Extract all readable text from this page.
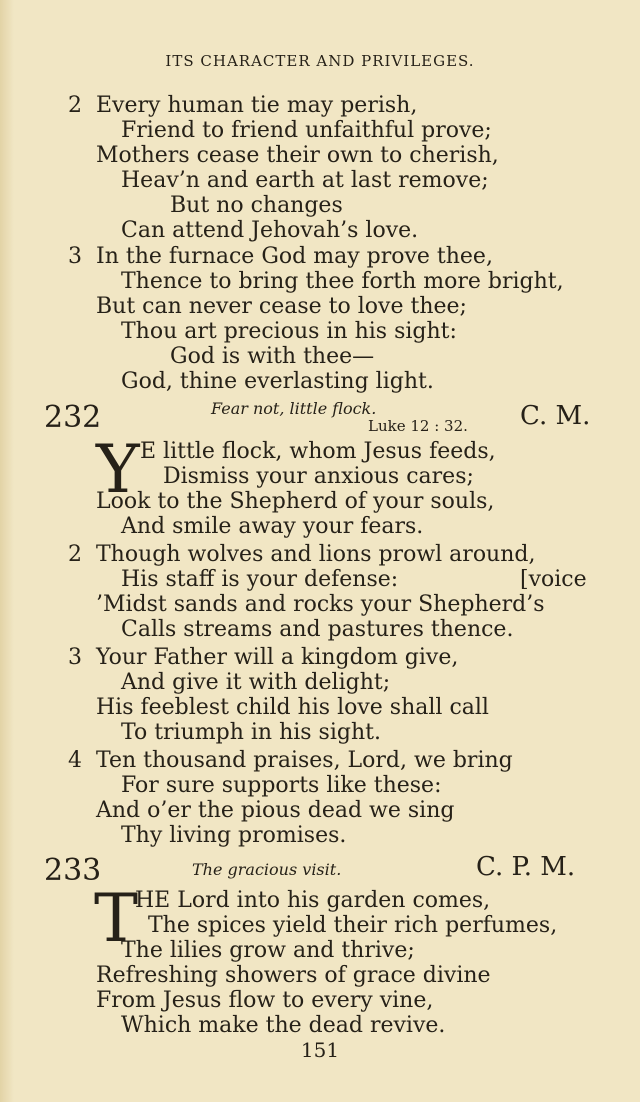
ITS CHARACTER AND PRIVILEGES.
2 Every human tie may perish,
Friend to friend unfaithful prove;
Mothers cease their own to cherish,
Heav’n and earth at last remove;
But no changes
Can attend Jehovah’s love.
3 In the furnace God may prove thee,
Thence to bring thee forth more bright,
But can never cease to love thee;
Thou art precious in his sight:
God is with thee—
God, thine everlasting light.
232	Fear not, little flock.
Luke 12 : 32. C. M.
Y E little flock, whom Jesus feeds,
Dismiss your anxious cares;
Look to the Shepherd of your souls,
And smile away your fears.
2 Though wolves and lions prowl around,
His staff is your defense:	[voice
’Midst sands and rocks your Shepherd’s
Calls streams and pastures thence.
3 Your Father will a kingdom give,
And give it with delight;
His feeblest child his love shall call
To triumph in his sight.
4 Ten thousand praises, Lord, we bring
For sure supports like these:
And o’er the pious dead we sing
Thy living promises.
233	The gracious visit.	C. P. M.
T
HE Lord into his garden comes,
The spices yield their rich perfumes,
The lilies grow and thrive;
Refreshing showers of grace divine
From Jesus flow to every vine,
Which make the dead revive.
151
